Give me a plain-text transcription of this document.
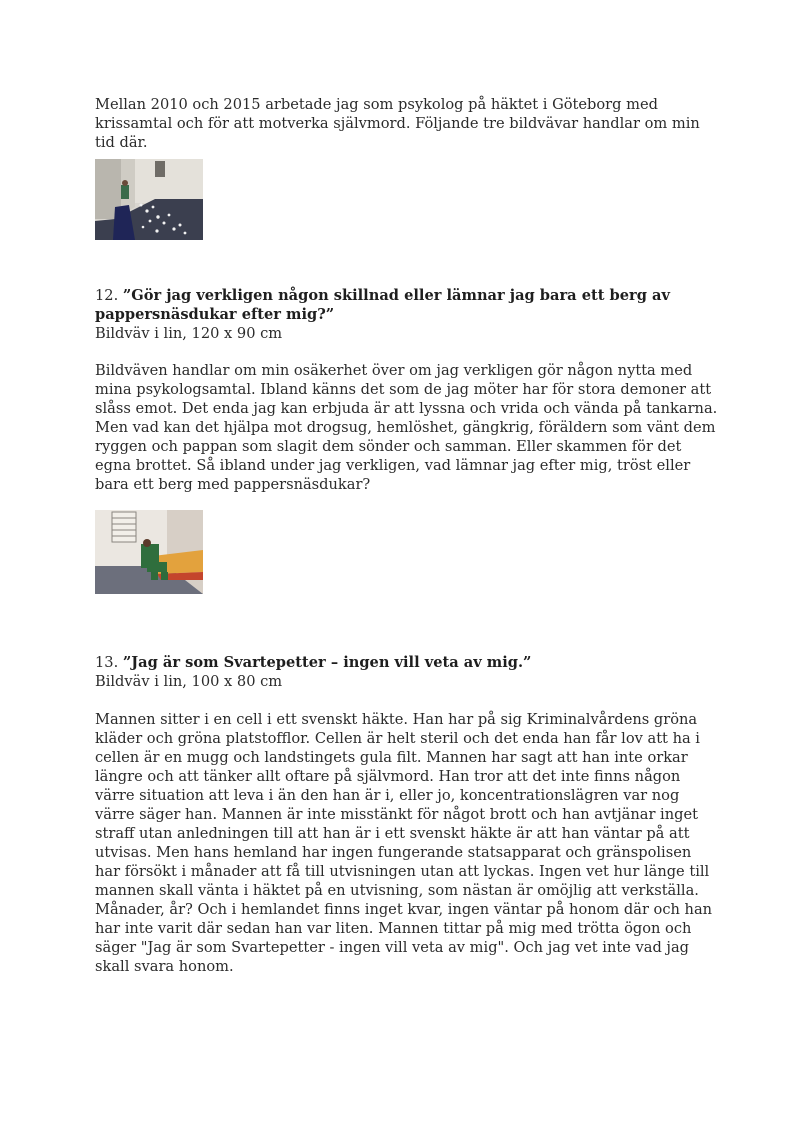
Mellan 2010 och 2015 arbetade jag som psykolog på häktet i Göteborg med krissamtal och för att motverka självmord. Följande tre bildvävar handlar om min tid där.

12. ”Gör jag verkligen någon skillnad eller lämnar jag bara ett berg av pappersnäsdukar efter mig?”

Bildväv i lin, 120 x 90 cm

Bildväven handlar om min osäkerhet över om jag verkligen gör någon nytta med mina psykologsamtal. Ibland känns det som de jag möter har för stora demoner att slåss emot. Det enda jag kan erbjuda är att lyssna och vrida och vända på tankarna. Men vad kan det hjälpa mot drogsug, hemlöshet, gängkrig, föräldern som vänt dem ryggen och pappan som slagit dem sönder och samman. Eller skammen för det egna brottet. Så ibland under jag verkligen, vad lämnar jag efter mig, tröst eller bara ett berg med pappersnäsdukar?

13. ”Jag är som Svartepetter – ingen vill veta av mig.”

Bildväv i lin, 100 x 80 cm

Mannen sitter i en cell i ett svenskt häkte. Han har på sig Kriminalvårdens gröna kläder och gröna platstofflor. Cellen är helt steril och det enda han får lov att ha i cellen är en mugg och landstingets gula filt. Mannen har sagt att han inte orkar längre och att tänker allt oftare på självmord. Han tror att det inte finns någon värre situation att leva i än den han är i, eller jo, koncentrationslägren var nog värre säger han. Mannen är inte misstänkt för något brott och han avtjänar inget straff utan anledningen till att han är i ett svenskt häkte är att han väntar på att utvisas. Men hans hemland har ingen fungerande statsapparat och gränspolisen har försökt i månader att få till utvisningen utan att lyckas. Ingen vet hur länge till mannen skall vänta i häktet på en utvisning, som nästan är omöjlig att verkställa. Månader, år? Och i hemlandet finns inget kvar, ingen väntar på honom där och han har inte varit där sedan han var liten. Mannen tittar på mig med trötta ögon och säger "Jag är som Svartepetter - ingen vill veta av mig". Och jag vet inte vad jag skall svara honom.
